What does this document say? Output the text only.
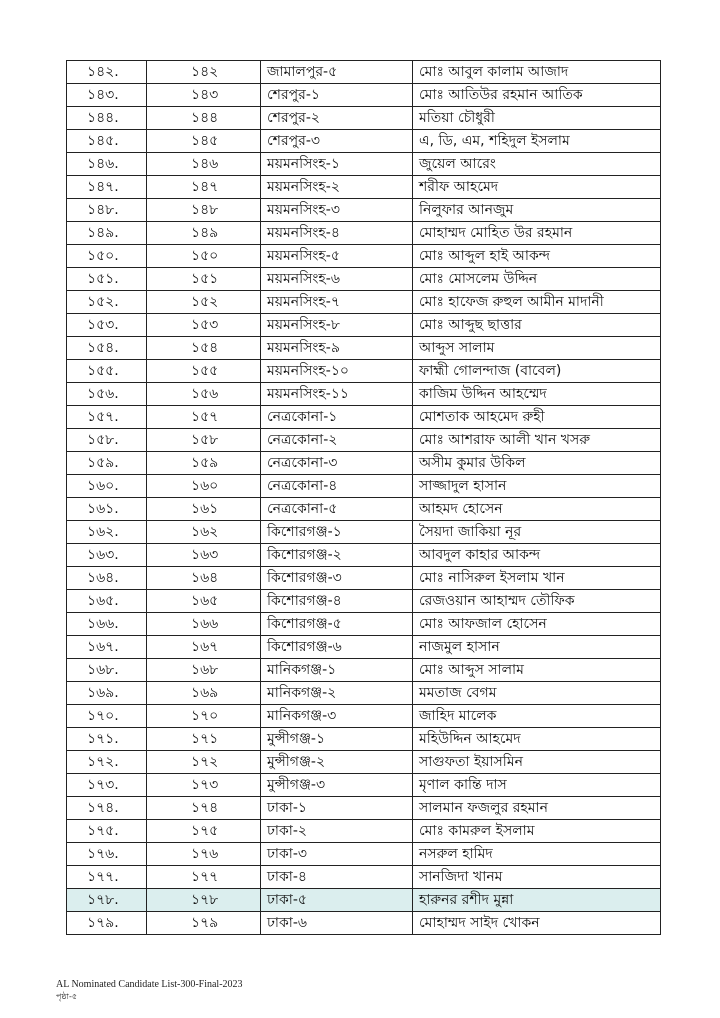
১৪২.	১৪২	জামালপুর-৫	মোঃ আবুল কালাম আজাদ
১৪৩.	১৪৩	শেরপুর-১	মোঃ আতিউর রহমান আতিক
১৪৪.	১৪৪	শেরপুর-২	মতিয়া চৌধুরী
১৪৫.	১৪৫	শেরপুর-৩	এ, ডি, এম, শহিদুল ইসলাম
১৪৬.	১৪৬	ময়মনসিংহ-১	জুয়েল আরেং
১৪৭.	১৪৭	ময়মনসিংহ-২	শরীফ আহমেদ
১৪৮.	১৪৮	ময়মনসিংহ-৩	নিলুফার আনজুম
১৪৯.	১৪৯	ময়মনসিংহ-৪	মোহাম্মদ মোহিত উর রহমান
১৫০.	১৫০	ময়মনসিংহ-৫	মোঃ আব্দুল হাই আকন্দ
১৫১.	১৫১	ময়মনসিংহ-৬	মোঃ মোসলেম উদ্দিন
১৫২.	১৫২	ময়মনসিংহ-৭	মোঃ হাফেজ রুহুল আমীন মাদানী
১৫৩.	১৫৩	ময়মনসিংহ-৮	মোঃ আব্দুছ ছাত্তার
১৫৪.	১৫৪	ময়মনসিংহ-৯	আব্দুস সালাম
১৫৫.	১৫৫	ময়মনসিংহ-১০	ফাহ্মী গোলন্দাজ (বাবেল)
১৫৬.	১৫৬	ময়মনসিংহ-১১	কাজিম উদ্দিন আহম্মেদ
১৫৭.	১৫৭	নেত্রকোনা-১	মোশতাক আহমেদ রুহী
১৫৮.	১৫৮	নেত্রকোনা-২	মোঃ আশরাফ আলী খান খসরু
১৫৯.	১৫৯	নেত্রকোনা-৩	অসীম কুমার উকিল
১৬০.	১৬০	নেত্রকোনা-৪	সাজ্জাদুল হাসান
১৬১.	১৬১	নেত্রকোনা-৫	আহমদ হোসেন
১৬২.	১৬২	কিশোরগঞ্জ-১	সৈয়দা জাকিয়া নূর
১৬৩.	১৬৩	কিশোরগঞ্জ-২	আবদুল কাহার আকন্দ
১৬৪.	১৬৪	কিশোরগঞ্জ-৩	মোঃ নাসিরুল ইসলাম খান
১৬৫.	১৬৫	কিশোরগঞ্জ-৪	রেজওয়ান আহাম্মদ তৌফিক
১৬৬.	১৬৬	কিশোরগঞ্জ-৫	মোঃ আফজাল হোসেন
১৬৭.	১৬৭	কিশোরগঞ্জ-৬	নাজমুল হাসান
১৬৮.	১৬৮	মানিকগঞ্জ-১	মোঃ আব্দুস সালাম
১৬৯.	১৬৯	মানিকগঞ্জ-২	মমতাজ বেগম
১৭০.	১৭০	মানিকগঞ্জ-৩	জাহিদ মালেক
১৭১.	১৭১	মুন্সীগঞ্জ-১	মহিউদ্দিন আহমেদ
১৭২.	১৭২	মুন্সীগঞ্জ-২	সাগুফতা ইয়াসমিন
১৭৩.	১৭৩	মুন্সীগঞ্জ-৩	মৃণাল কান্তি দাস
১৭৪.	১৭৪	ঢাকা-১	সালমান ফজলুর রহমান
১৭৫.	১৭৫	ঢাকা-২	মোঃ কামরুল ইসলাম
১৭৬.	১৭৬	ঢাকা-৩	নসরুল হামিদ
১৭৭.	১৭৭	ঢাকা-৪	সানজিদা খানম
১৭৮.	১৭৮	ঢাকা-৫	হারুনর রশীদ মুন্না
১৭৯.	১৭৯	ঢাকা-৬	মোহাম্মদ সাইদ খোকন
AL Nominated Candidate List-300-Final-2023
পৃষ্ঠা-৫
